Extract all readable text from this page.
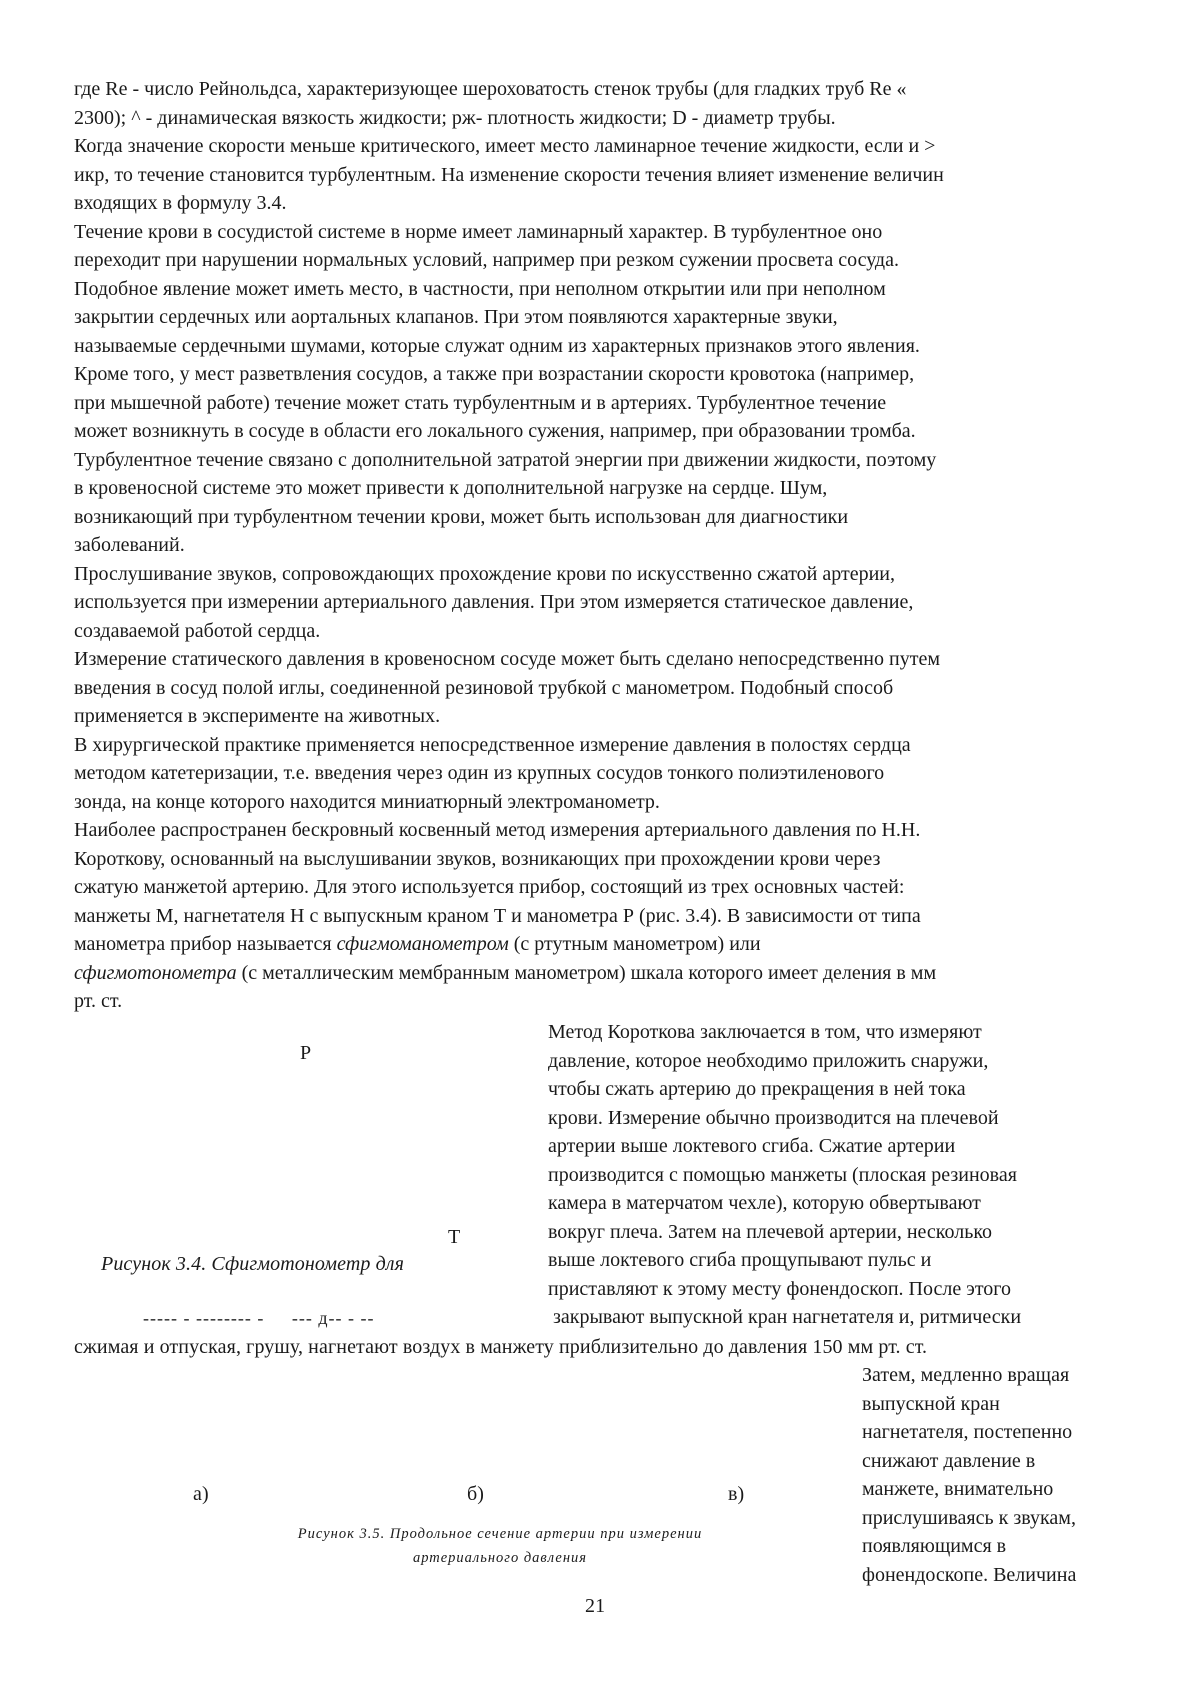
где Re - число Рейнольдса, характеризующее шероховатость стенок трубы (для гладких труб Re «

2300); ^ - динамическая вязкость жидкости; рж- плотность жидкости; D - диаметр трубы.

Когда значение скорости меньше критического, имеет место ламинарное течение жидкости, если и >

икр, то течение становится турбулентным. На изменение скорости течения влияет изменение величин

входящих в формулу 3.4.

Течение крови в сосудистой системе в норме имеет ламинарный характер. В турбулентное оно

переходит при нарушении нормальных условий, например при резком сужении просвета сосуда.

Подобное явление может иметь место, в частности, при неполном открытии или при неполном

закрытии сердечных или аортальных клапанов. При этом появляются характерные звуки,

называемые сердечными шумами, которые служат одним из характерных признаков этого явления.

Кроме того, у мест разветвления сосудов, а также при возрастании скорости кровотока (например,

при мышечной работе) течение может стать турбулентным и в артериях. Турбулентное течение

может возникнуть в сосуде в области его локального сужения, например, при образовании тромба.

Турбулентное течение связано с дополнительной затратой энергии при движении жидкости, поэтому

в кровеносной системе это может привести к дополнительной нагрузке на сердце. Шум,

возникающий при турбулентном течении крови, может быть использован для диагностики

заболеваний.

Прослушивание звуков, сопровождающих прохождение крови по искусственно сжатой артерии,

используется при измерении артериального давления. При этом измеряется статическое давление,

создаваемой работой сердца.

Измерение статического давления в кровеносном сосуде может быть сделано непосредственно путем

введения в сосуд полой иглы, соединенной резиновой трубкой с манометром. Подобный способ

применяется в эксперименте на животных.

В хирургической практике применяется непосредственное измерение давления в полостях сердца

методом катетеризации, т.е. введения через один из крупных сосудов тонкого полиэтиленового

зонда, на конце которого находится миниатюрный электроманометр.

Наиболее распространен бескровный косвенный метод измерения артериального давления по Н.Н.

Короткову, основанный на выслушивании звуков, возникающих при прохождении крови через

сжатую манжетой артерию. Для этого используется прибор, состоящий из трех основных частей:

манжеты М, нагнетателя Н с выпускным краном Т и манометра Р (рис. 3.4). В зависимости от типа

манометра прибор называется сфигмоманометром (с ртутным манометром) или

сфигмотонометра (с металлическим мембранным манометром) шкала которого имеет деления в мм

рт. ст.

Р
Т
Рисунок 3.4. Сфигмотонометр для
----- - -------- -     --- д-- - --

Метод Короткова заключается в том, что измеряют

давление, которое необходимо приложить снаружи,

чтобы сжать артерию до прекращения в ней тока

крови. Измерение обычно производится на плечевой

артерии выше локтевого сгиба. Сжатие артерии

производится с помощью манжеты (плоская резиновая

камера в матерчатом чехле), которую обвертывают

вокруг плеча. Затем на плечевой артерии, несколько

выше локтевого сгиба прощупывают пульс и

приставляют к этому месту фонендоскоп. После этого

закрывают выпускной кран нагнетателя и, ритмически

сжимая и отпуская, грушу, нагнетают воздух в манжету приблизительно до давления 150 мм рт. ст.

Затем, медленно вращая

выпускной кран

нагнетателя, постепенно

снижают давление в

манжете, внимательно

прислушиваясь к звукам,

появляющимся в

фонендоскопе. Величина

а)	б)	в)
Рисунок 3.5. Продольное сечение артерии при измерении
артериального давления
21
